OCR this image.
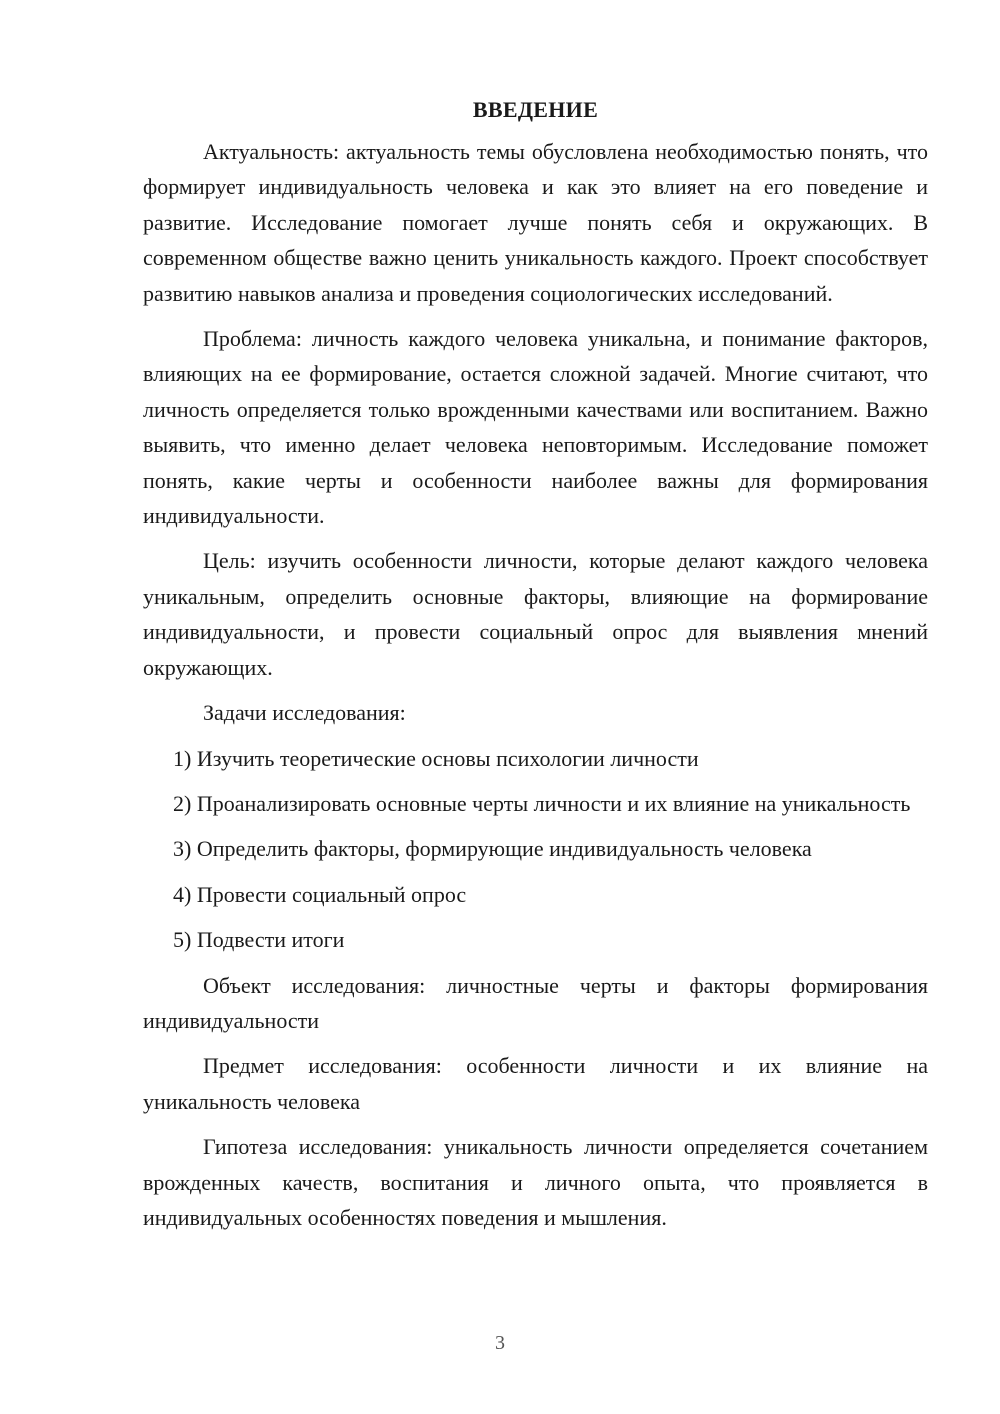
ВВЕДЕНИЕ

Актуальность: актуальность темы обусловлена необходимостью понять, что формирует индивидуальность человека и как это влияет на его поведение и развитие. Исследование помогает лучше понять себя и окружающих. В современном обществе важно ценить уникальность каждого. Проект способствует развитию навыков анализа и проведения социологических исследований.

Проблема: личность каждого человека уникальна, и понимание факторов, влияющих на ее формирование, остается сложной задачей. Многие считают, что личность определяется только врожденными качествами или воспитанием. Важно выявить, что именно делает человека неповторимым. Исследование поможет понять, какие черты и особенности наиболее важны для формирования индивидуальности.

Цель: изучить особенности личности, которые делают каждого человека уникальным, определить основные факторы, влияющие на формирование индивидуальности, и провести социальный опрос для выявления мнений окружающих.

Задачи исследования:

1) Изучить теоретические основы психологии личности

2) Проанализировать основные черты личности и их влияние на уникальность

3) Определить факторы, формирующие индивидуальность человека

4) Провести социальный опрос

5) Подвести итоги

Объект исследования: личностные черты и факторы формирования индивидуальности

Предмет исследования: особенности личности и их влияние на уникальность человека

Гипотеза исследования: уникальность личности определяется сочетанием врожденных качеств, воспитания и личного опыта, что проявляется в индивидуальных особенностях поведения и мышления.

3
